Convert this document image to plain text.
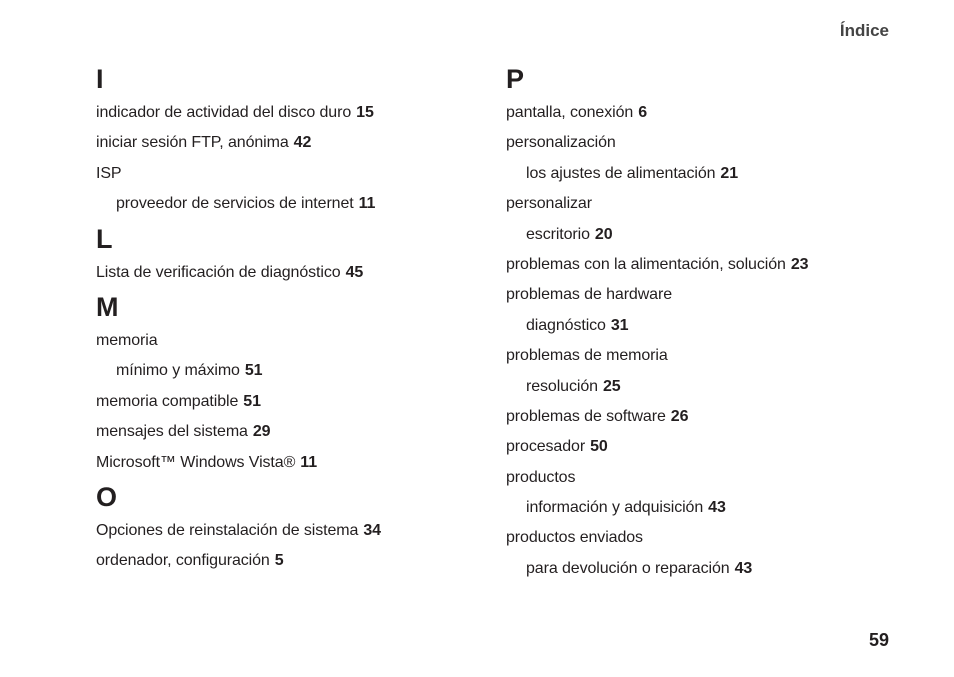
Índice
I
indicador de actividad del disco duro 15
iniciar sesión FTP, anónima 42
ISP
proveedor de servicios de internet 11
L
Lista de verificación de diagnóstico 45
M
memoria
mínimo y máximo 51
memoria compatible 51
mensajes del sistema 29
Microsoft™ Windows Vista® 11
O
Opciones de reinstalación de sistema 34
ordenador, configuración 5
P
pantalla, conexión 6
personalización
los ajustes de alimentación 21
personalizar
escritorio 20
problemas con la alimentación, solución 23
problemas de hardware
diagnóstico 31
problemas de memoria
resolución 25
problemas de software 26
procesador 50
productos
información y adquisición 43
productos enviados
para devolución o reparación 43
59
